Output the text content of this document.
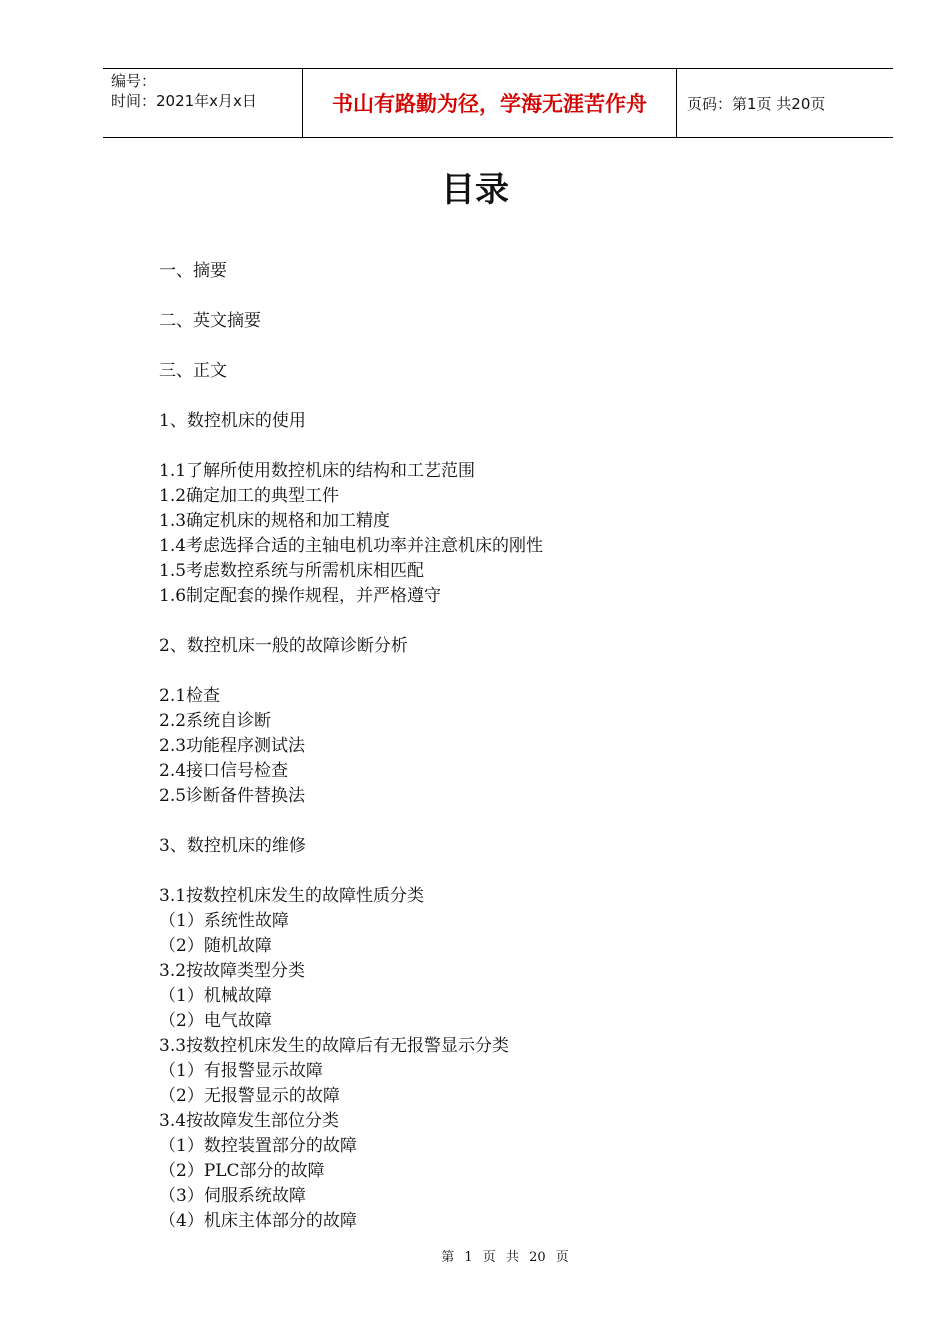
编号：
时间：2021年x月x日	书山有路勤为径，学海无涯苦作舟	页码：第1页 共20页
目录
一、摘要
二、英文摘要
三、正文
1、数控机床的使用
1.1了解所使用数控机床的结构和工艺范围
1.2确定加工的典型工件
1.3确定机床的规格和加工精度
1.4考虑选择合适的主轴电机功率并注意机床的刚性
1.5考虑数控系统与所需机床相匹配
1.6制定配套的操作规程，并严格遵守
2、数控机床一般的故障诊断分析
2.1检查
2.2系统自诊断
2.3功能程序测试法
2.4接口信号检查
2.5诊断备件替换法
3、数控机床的维修
3.1按数控机床发生的故障性质分类
（1）系统性故障
（2）随机故障
3.2按故障类型分类
（1）机械故障
（2）电气故障
3.3按数控机床发生的故障后有无报警显示分类
（1）有报警显示故障
（2）无报警显示的故障
3.4按故障发生部位分类
（1）数控装置部分的故障
（2）PLC部分的故障
（3）伺服系统故障
（4）机床主体部分的故障
第 1 页 共 20 页
